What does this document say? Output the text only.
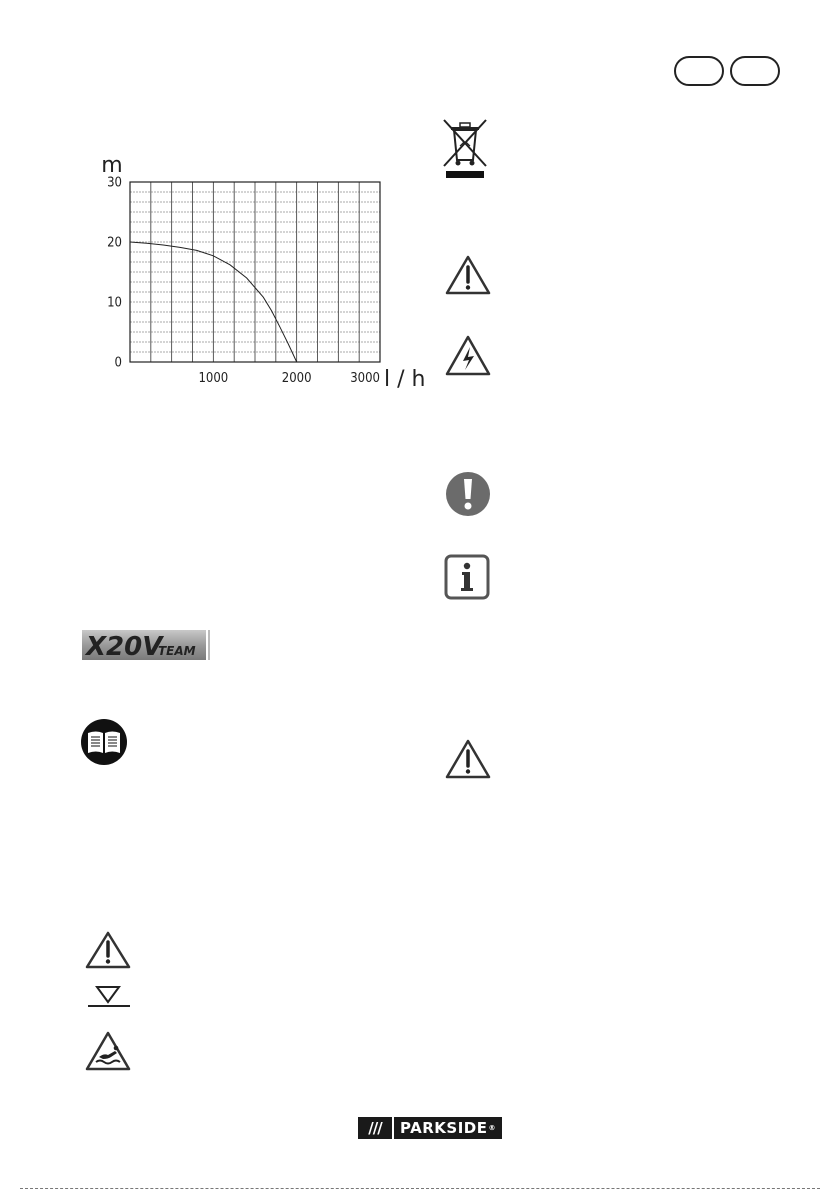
0
10
20
30
1000	2000	3000
m
l / h
X20V
TEAM
///	PARKSIDE ®
